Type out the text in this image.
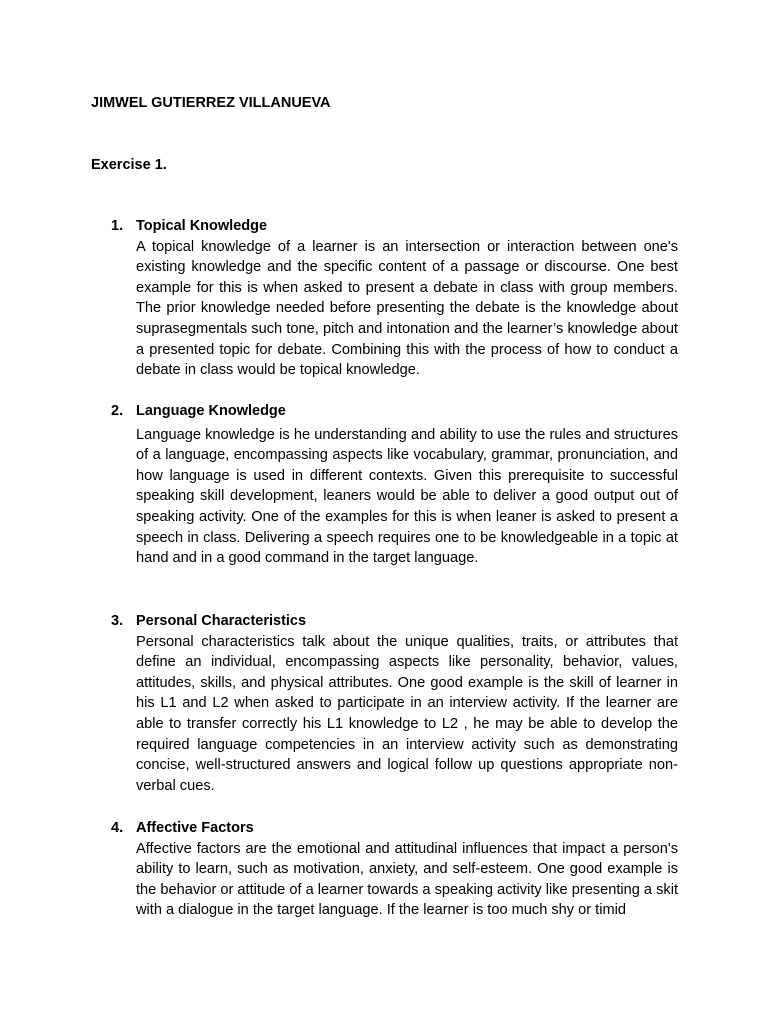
JIMWEL GUTIERREZ VILLANUEVA
Exercise 1.
1. Topical Knowledge

A topical knowledge of a learner is an intersection or interaction between one's existing knowledge and the specific content of a passage or discourse. One best example for this is when asked to present a debate in class with group members. The prior knowledge needed before presenting the debate is the knowledge about suprasegmentals such tone, pitch and intonation and the learner’s knowledge about a presented topic for debate. Combining this with the process of how to conduct a debate in class would be topical knowledge.

2. Language Knowledge

Language knowledge is he understanding and ability to use the rules and structures of a language, encompassing aspects like vocabulary, grammar, pronunciation, and how language is used in different contexts. Given this prerequisite to successful speaking skill development, leaners would be able to deliver a good output out of speaking activity. One of the examples for this is when leaner is asked to present a speech in class. Delivering a speech requires one to be knowledgeable in a topic at hand and in a good command in the target language.

3. Personal Characteristics

Personal characteristics talk about the unique qualities, traits, or attributes that define an individual, encompassing aspects like personality, behavior, values, attitudes, skills, and physical attributes. One good example is the skill of learner in his L1 and L2 when asked to participate in an interview activity. If the learner are able to transfer correctly his L1 knowledge to L2 , he may be able to develop the required language competencies in an interview activity such as demonstrating concise, well-structured answers and logical follow up questions appropriate non-verbal cues.

4. Affective Factors

Affective factors are the emotional and attitudinal influences that impact a person's ability to learn, such as motivation, anxiety, and self-esteem. One good example is the behavior or attitude of a learner towards a speaking activity like presenting a skit with a dialogue in the target language. If the learner is too much shy or timid
